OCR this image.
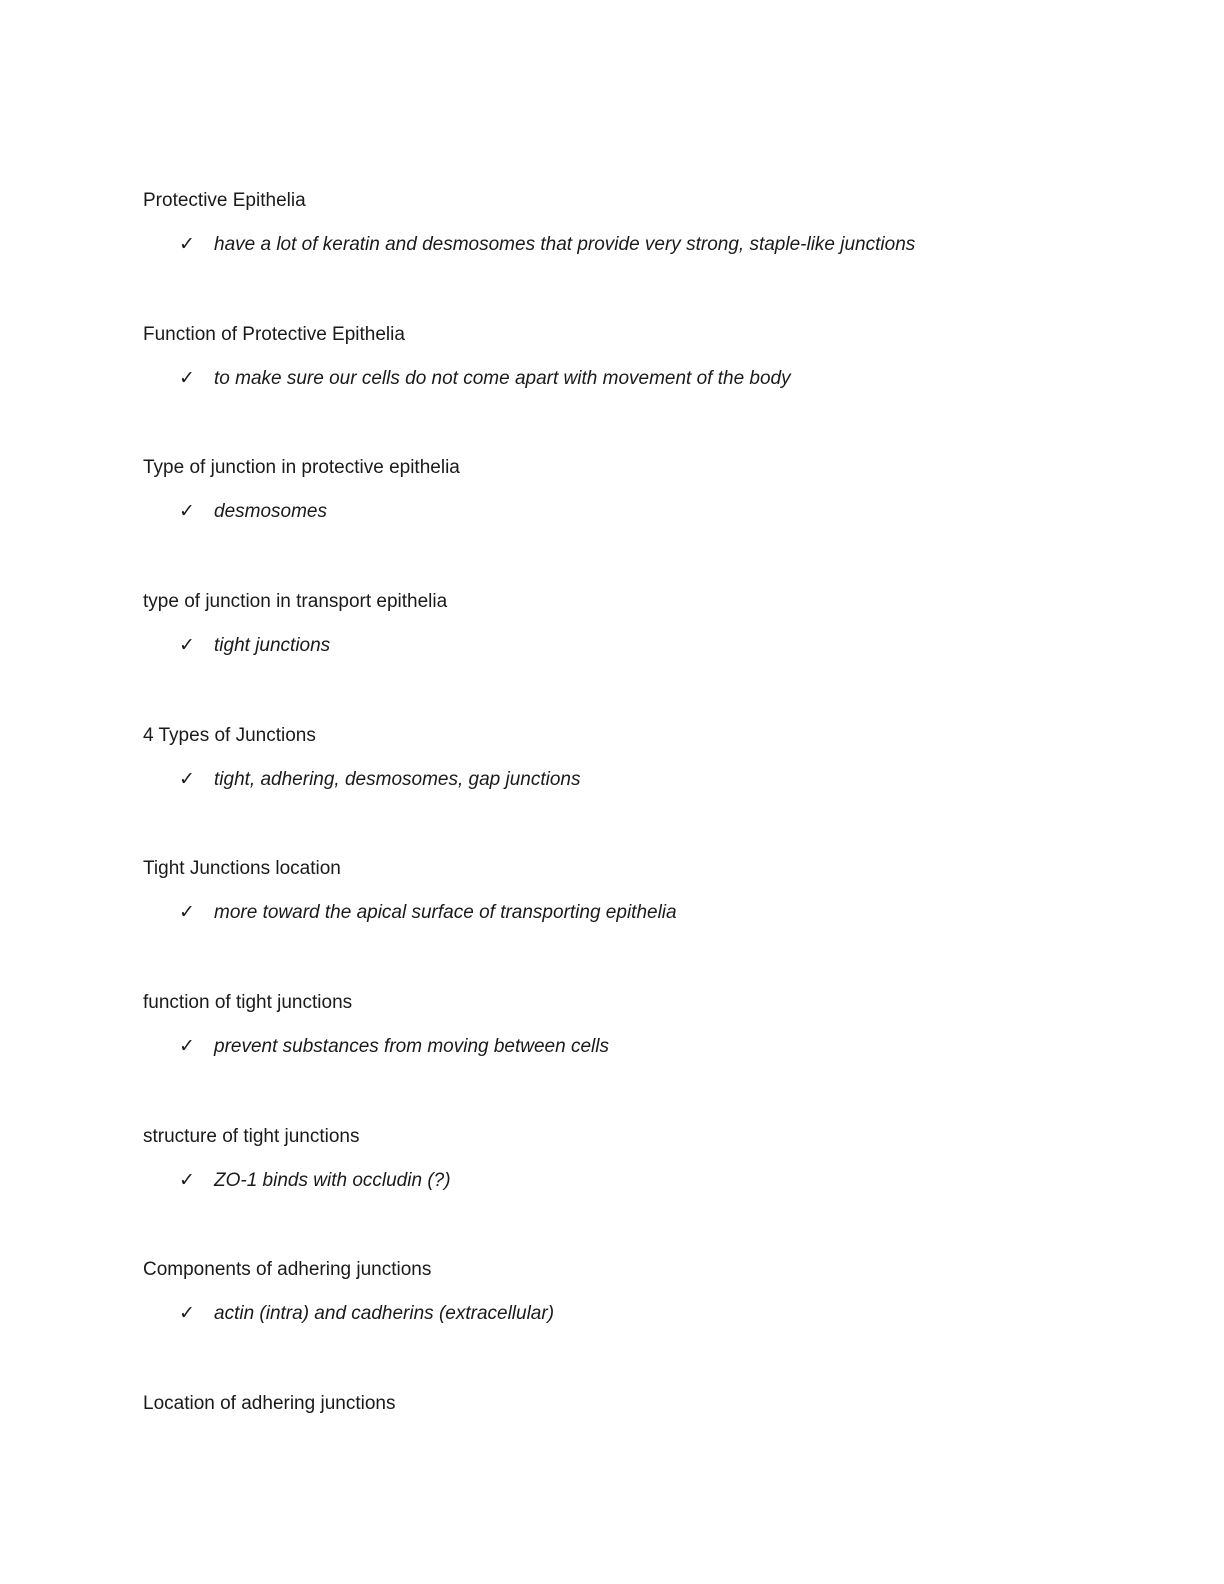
Protective Epithelia
✓ have a lot of keratin and desmosomes that provide very strong, staple-like junctions
Function of Protective Epithelia
✓ to make sure our cells do not come apart with movement of the body
Type of junction in protective epithelia
✓ desmosomes
type of junction in transport epithelia
✓ tight junctions
4 Types of Junctions
✓ tight, adhering, desmosomes, gap junctions
Tight Junctions location
✓ more toward the apical surface of transporting epithelia
function of tight junctions
✓ prevent substances from moving between cells
structure of tight junctions
✓ ZO-1 binds with occludin (?)
Components of adhering junctions
✓ actin (intra) and cadherins (extracellular)
Location of adhering junctions
